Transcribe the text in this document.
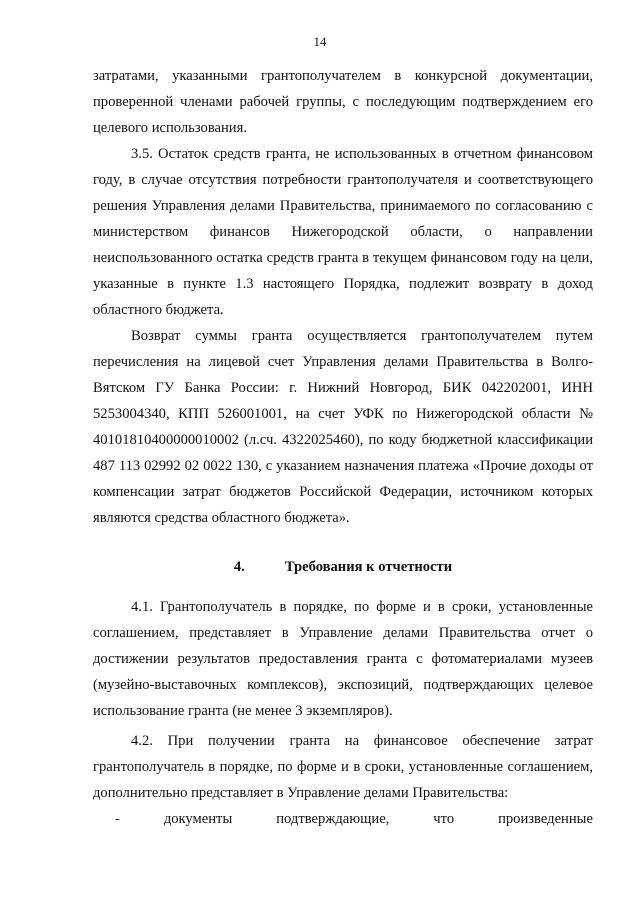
14

затратами, указанными грантополучателем в конкурсной документации, проверенной членами рабочей группы, с последующим подтверждением его целевого использования.

3.5. Остаток средств гранта, не использованных в отчетном финансовом году, в случае отсутствия потребности грантополучателя и соответствующего решения Управления делами Правительства, принимаемого по согласованию с министерством финансов Нижегородской области, о направлении неиспользованного остатка средств гранта в текущем финансовом году на цели, указанные в пункте 1.3 настоящего Порядка, подлежит возврату в доход областного бюджета.

Возврат суммы гранта осуществляется грантополучателем путем перечисления на лицевой счет Управления делами Правительства в Волго-Вятском ГУ Банка России: г. Нижний Новгород, БИК 042202001, ИНН 5253004340, КПП 526001001, на счет УФК по Нижегородской области № 40101810400000010002 (л.сч. 4322025460), по коду бюджетной классификации 487 113 02992 02 0022 130, с указанием назначения платежа «Прочие доходы от компенсации затрат бюджетов Российской Федерации, источником которых являются средства областного бюджета».

4.	Требования к отчетности

4.1. Грантополучатель в порядке, по форме и в сроки, установленные соглашением, представляет в Управление делами Правительства отчет о достижении результатов предоставления гранта с фотоматериалами музеев (музейно-выставочных комплексов), экспозиций, подтверждающих целевое использование гранта (не менее 3 экземпляров).

4.2. При получении гранта на финансовое обеспечение затрат грантополучатель в порядке, по форме и в сроки, установленные соглашением, дополнительно представляет в Управление делами Правительства:

-	документы	подтверждающие,	что	произведенные
